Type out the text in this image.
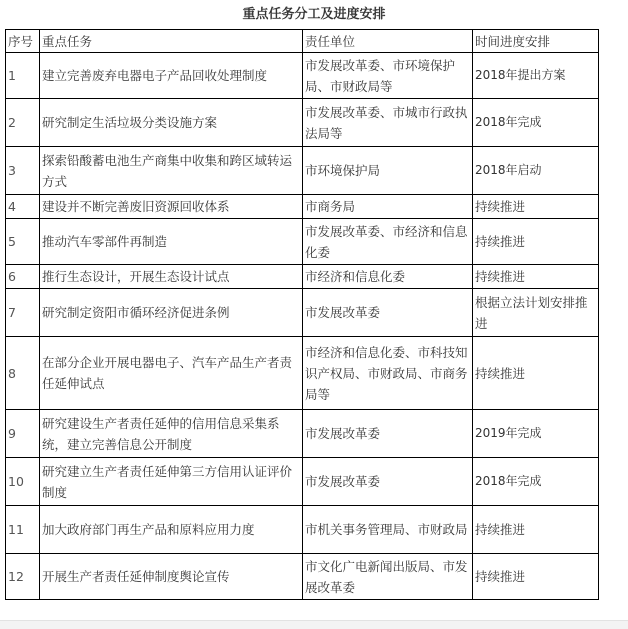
重点任务分工及进度安排
序号	重点任务	责任单位	时间进度安排
1	建立完善废弃电器电子产品回收处理制度	市发展改革委、市环境保护局、市财政局等	2018年提出方案
2	研究制定生活垃圾分类设施方案	市发展改革委、市城市行政执法局等	2018年完成
3	探索铅酸蓄电池生产商集中收集和跨区域转运方式	市环境保护局	2018年启动
4	建设并不断完善废旧资源回收体系	市商务局	持续推进
5	推动汽车零部件再制造	市发展改革委、市经济和信息化委	持续推进
6	推行生态设计，开展生态设计试点	市经济和信息化委	持续推进
7	研究制定资阳市循环经济促进条例	市发展改革委	根据立法计划安排推进
8	在部分企业开展电器电子、汽车产品生产者责任延伸试点	市经济和信息化委、市科技知识产权局、市财政局、市商务局等	持续推进
9	研究建设生产者责任延伸的信用信息采集系统，建立完善信息公开制度	市发展改革委	2019年完成
10	研究建立生产者责任延伸第三方信用认证评价制度	市发展改革委	2018年完成
11	加大政府部门再生产品和原料应用力度	市机关事务管理局、市财政局	持续推进
12	开展生产者责任延伸制度舆论宣传	市文化广电新闻出版局、市发展改革委	持续推进
